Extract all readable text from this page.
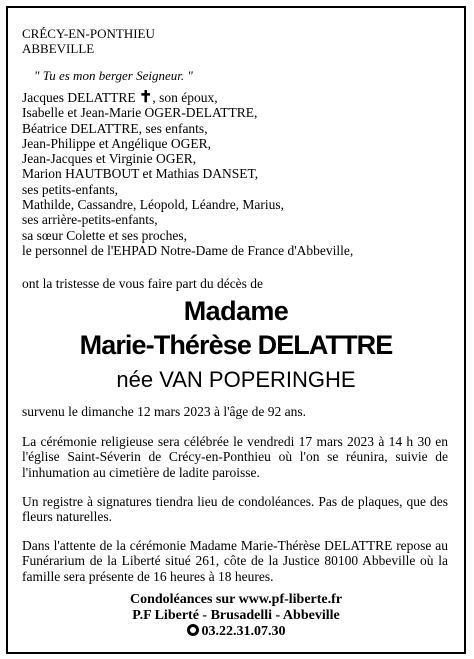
CRÉCY-EN-PONTHIEU
ABBEVILLE
" Tu es mon berger Seigneur. "
Jacques DELATTRE ✝, son époux,
Isabelle et Jean-Marie OGER-DELATTRE,
Béatrice DELATTRE, ses enfants,
Jean-Philippe et Angélique OGER,
Jean-Jacques et Virginie OGER,
Marion HAUTBOUT et Mathias DANSET,
ses petits-enfants,
Mathilde, Cassandre, Léopold, Léandre, Marius,
ses arrière-petits-enfants,
sa sœur Colette et ses proches,
le personnel de l'EHPAD Notre-Dame de France d'Abbeville,
ont la tristesse de vous faire part du décès de
Madame
Marie-Thérèse DELATTRE
née VAN POPERINGHE
survenu le dimanche 12 mars 2023 à l'âge de 92 ans.
La cérémonie religieuse sera célébrée le vendredi 17 mars 2023 à 14 h 30 en l'église Saint-Séverin de Crécy-en-Ponthieu où l'on se réunira, suivie de l'inhumation au cimetière de ladite paroisse.
Un registre à signatures tiendra lieu de condoléances. Pas de plaques, que des fleurs naturelles.
Dans l'attente de la cérémonie Madame Marie-Thérèse DELATTRE repose au Funérarium de la Liberté situé 261, côte de la Justice 80100 Abbeville où la famille sera présente de 16 heures à 18 heures.
Condoléances sur www.pf-liberte.fr
P.F Liberté - Brusadelli - Abbeville
03.22.31.07.30
